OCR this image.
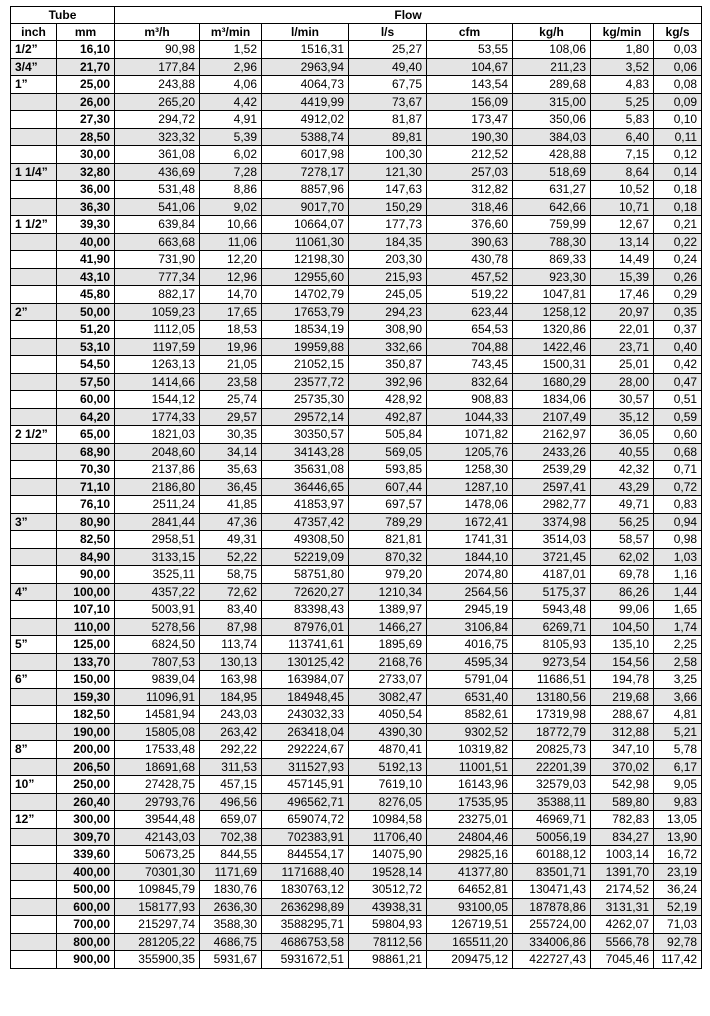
Tube		Flow							
inch	mm	m³/h	m³/min	l/min	l/s	cfm	kg/h	kg/min	kg/s
1/2”	16,10	90,98	1,52	1516,31	25,27	53,55	108,06	1,80	0,03
3/4”	21,70	177,84	2,96	2963,94	49,40	104,67	211,23	3,52	0,06
1”	25,00	243,88	4,06	4064,73	67,75	143,54	289,68	4,83	0,08
	26,00	265,20	4,42	4419,99	73,67	156,09	315,00	5,25	0,09
	27,30	294,72	4,91	4912,02	81,87	173,47	350,06	5,83	0,10
	28,50	323,32	5,39	5388,74	89,81	190,30	384,03	6,40	0,11
	30,00	361,08	6,02	6017,98	100,30	212,52	428,88	7,15	0,12
1 1/4”	32,80	436,69	7,28	7278,17	121,30	257,03	518,69	8,64	0,14
	36,00	531,48	8,86	8857,96	147,63	312,82	631,27	10,52	0,18
	36,30	541,06	9,02	9017,70	150,29	318,46	642,66	10,71	0,18
1 1/2”	39,30	639,84	10,66	10664,07	177,73	376,60	759,99	12,67	0,21
	40,00	663,68	11,06	11061,30	184,35	390,63	788,30	13,14	0,22
	41,90	731,90	12,20	12198,30	203,30	430,78	869,33	14,49	0,24
	43,10	777,34	12,96	12955,60	215,93	457,52	923,30	15,39	0,26
	45,80	882,17	14,70	14702,79	245,05	519,22	1047,81	17,46	0,29
2”	50,00	1059,23	17,65	17653,79	294,23	623,44	1258,12	20,97	0,35
	51,20	1112,05	18,53	18534,19	308,90	654,53	1320,86	22,01	0,37
	53,10	1197,59	19,96	19959,88	332,66	704,88	1422,46	23,71	0,40
	54,50	1263,13	21,05	21052,15	350,87	743,45	1500,31	25,01	0,42
	57,50	1414,66	23,58	23577,72	392,96	832,64	1680,29	28,00	0,47
	60,00	1544,12	25,74	25735,30	428,92	908,83	1834,06	30,57	0,51
	64,20	1774,33	29,57	29572,14	492,87	1044,33	2107,49	35,12	0,59
2 1/2”	65,00	1821,03	30,35	30350,57	505,84	1071,82	2162,97	36,05	0,60
	68,90	2048,60	34,14	34143,28	569,05	1205,76	2433,26	40,55	0,68
	70,30	2137,86	35,63	35631,08	593,85	1258,30	2539,29	42,32	0,71
	71,10	2186,80	36,45	36446,65	607,44	1287,10	2597,41	43,29	0,72
	76,10	2511,24	41,85	41853,97	697,57	1478,06	2982,77	49,71	0,83
3”	80,90	2841,44	47,36	47357,42	789,29	1672,41	3374,98	56,25	0,94
	82,50	2958,51	49,31	49308,50	821,81	1741,31	3514,03	58,57	0,98
	84,90	3133,15	52,22	52219,09	870,32	1844,10	3721,45	62,02	1,03
	90,00	3525,11	58,75	58751,80	979,20	2074,80	4187,01	69,78	1,16
4”	100,00	4357,22	72,62	72620,27	1210,34	2564,56	5175,37	86,26	1,44
	107,10	5003,91	83,40	83398,43	1389,97	2945,19	5943,48	99,06	1,65
	110,00	5278,56	87,98	87976,01	1466,27	3106,84	6269,71	104,50	1,74
5”	125,00	6824,50	113,74	113741,61	1895,69	4016,75	8105,93	135,10	2,25
	133,70	7807,53	130,13	130125,42	2168,76	4595,34	9273,54	154,56	2,58
6”	150,00	9839,04	163,98	163984,07	2733,07	5791,04	11686,51	194,78	3,25
	159,30	11096,91	184,95	184948,45	3082,47	6531,40	13180,56	219,68	3,66
	182,50	14581,94	243,03	243032,33	4050,54	8582,61	17319,98	288,67	4,81
	190,00	15805,08	263,42	263418,04	4390,30	9302,52	18772,79	312,88	5,21
8”	200,00	17533,48	292,22	292224,67	4870,41	10319,82	20825,73	347,10	5,78
	206,50	18691,68	311,53	311527,93	5192,13	11001,51	22201,39	370,02	6,17
10”	250,00	27428,75	457,15	457145,91	7619,10	16143,96	32579,03	542,98	9,05
	260,40	29793,76	496,56	496562,71	8276,05	17535,95	35388,11	589,80	9,83
12”	300,00	39544,48	659,07	659074,72	10984,58	23275,01	46969,71	782,83	13,05
	309,70	42143,03	702,38	702383,91	11706,40	24804,46	50056,19	834,27	13,90
	339,60	50673,25	844,55	844554,17	14075,90	29825,16	60188,12	1003,14	16,72
	400,00	70301,30	1171,69	1171688,40	19528,14	41377,80	83501,71	1391,70	23,19
	500,00	109845,79	1830,76	1830763,12	30512,72	64652,81	130471,43	2174,52	36,24
	600,00	158177,93	2636,30	2636298,89	43938,31	93100,05	187878,86	3131,31	52,19
	700,00	215297,74	3588,30	3588295,71	59804,93	126719,51	255724,00	4262,07	71,03
	800,00	281205,22	4686,75	4686753,58	78112,56	165511,20	334006,86	5566,78	92,78
	900,00	355900,35	5931,67	5931672,51	98861,21	209475,12	422727,43	7045,46	117,42
